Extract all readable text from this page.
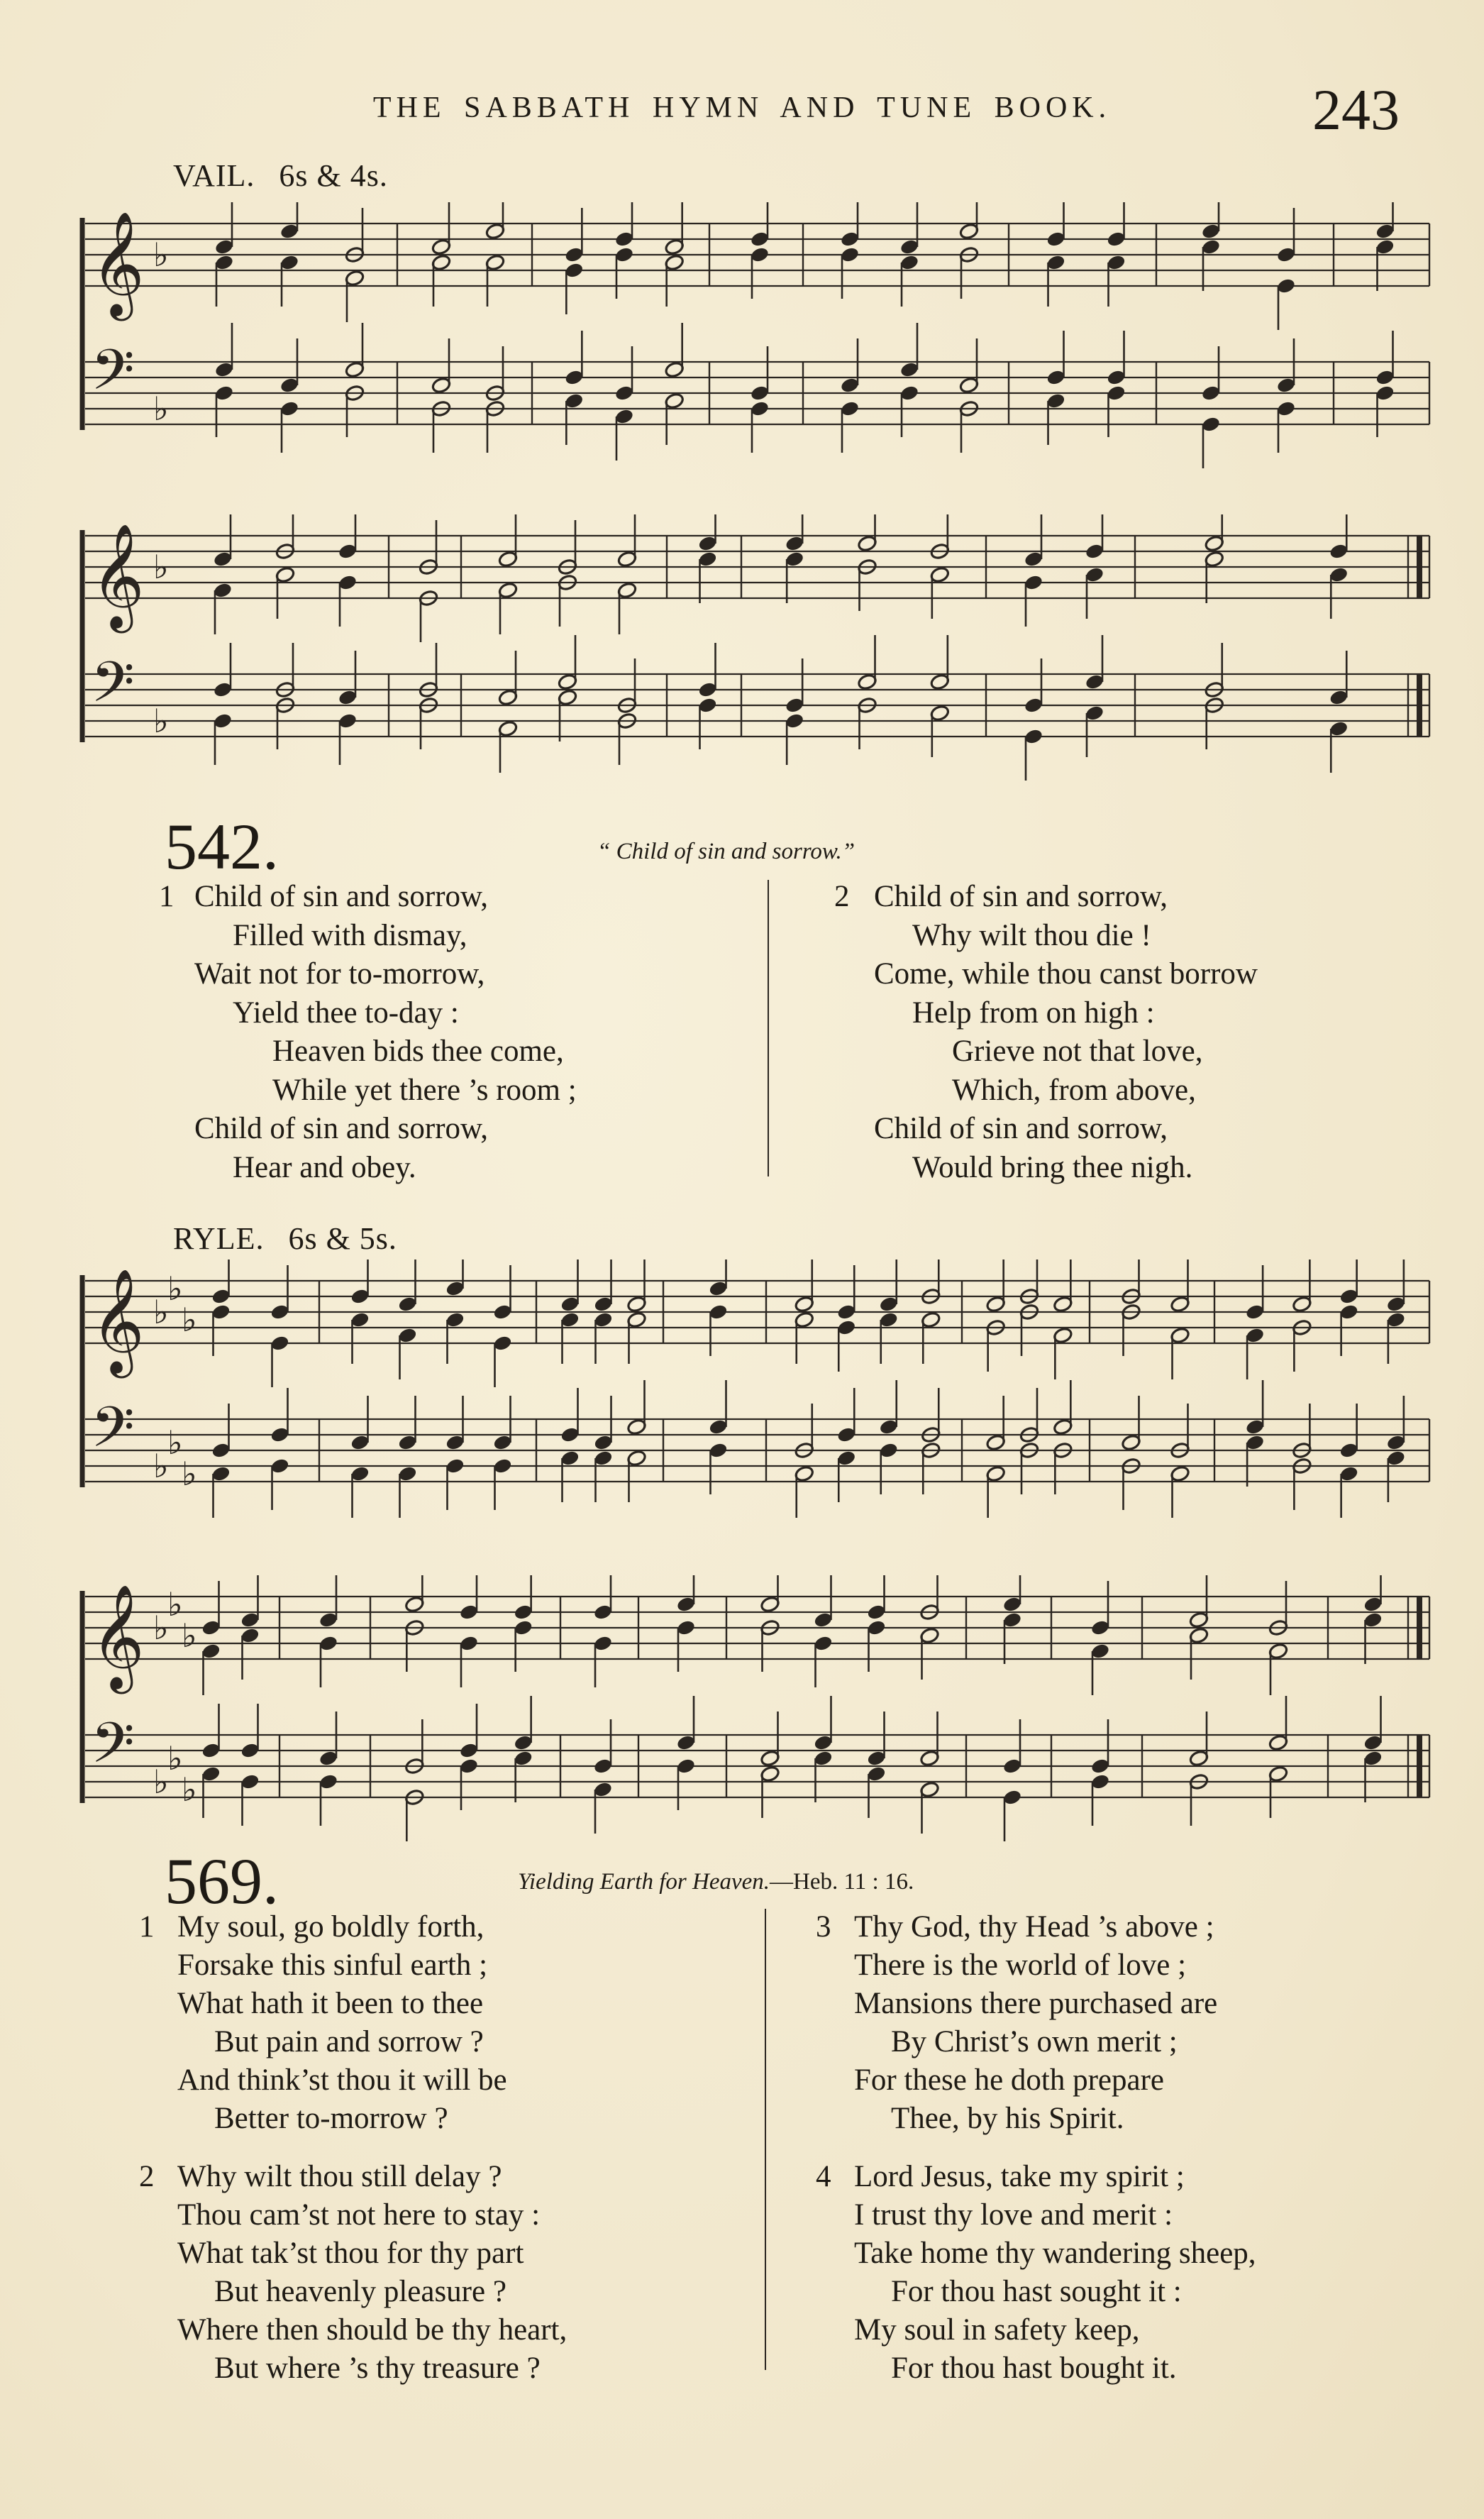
THE SABBATH HYMN AND TUNE BOOK.	243
VAIL. 6s & 4s.
𝄞 ♭
𝄢 ♭
𝄞 ♭
𝄢 ♭
542.	“ Child of sin and sorrow.”
1 Child of sin and sorrow,
Filled with dismay,
Wait not for to-morrow,
Yield thee to-day :
Heaven bids thee come,
While yet there ’s room ;
Child of sin and sorrow,
Hear and obey.
2 Child of sin and sorrow,
Why wilt thou die !
Come, while thou canst borrow
Help from on high :
Grieve not that love,
Which, from above,
Child of sin and sorrow,
Would bring thee nigh.
RYLE. 6s & 5s.
𝄞 ♭
♭
♭
𝄢 ♭
♭
♭
𝄞 ♭
♭
♭
𝄢 ♭
♭
♭
569.	Yielding Earth for Heaven.—Heb. 11 : 16.
1 My soul, go boldly forth,
Forsake this sinful earth ;
What hath it been to thee
But pain and sorrow ?
And think’st thou it will be
Better to-morrow ?
2 Why wilt thou still delay ?
Thou cam’st not here to stay :
What tak’st thou for thy part
But heavenly pleasure ?
Where then should be thy heart,
But where ’s thy treasure ?
3 Thy God, thy Head ’s above ;
There is the world of love ;
Mansions there purchased are
By Christ’s own merit ;
For these he doth prepare
Thee, by his Spirit.
4 Lord Jesus, take my spirit ;
I trust thy love and merit :
Take home thy wandering sheep,
For thou hast sought it :
My soul in safety keep,
For thou hast bought it.
